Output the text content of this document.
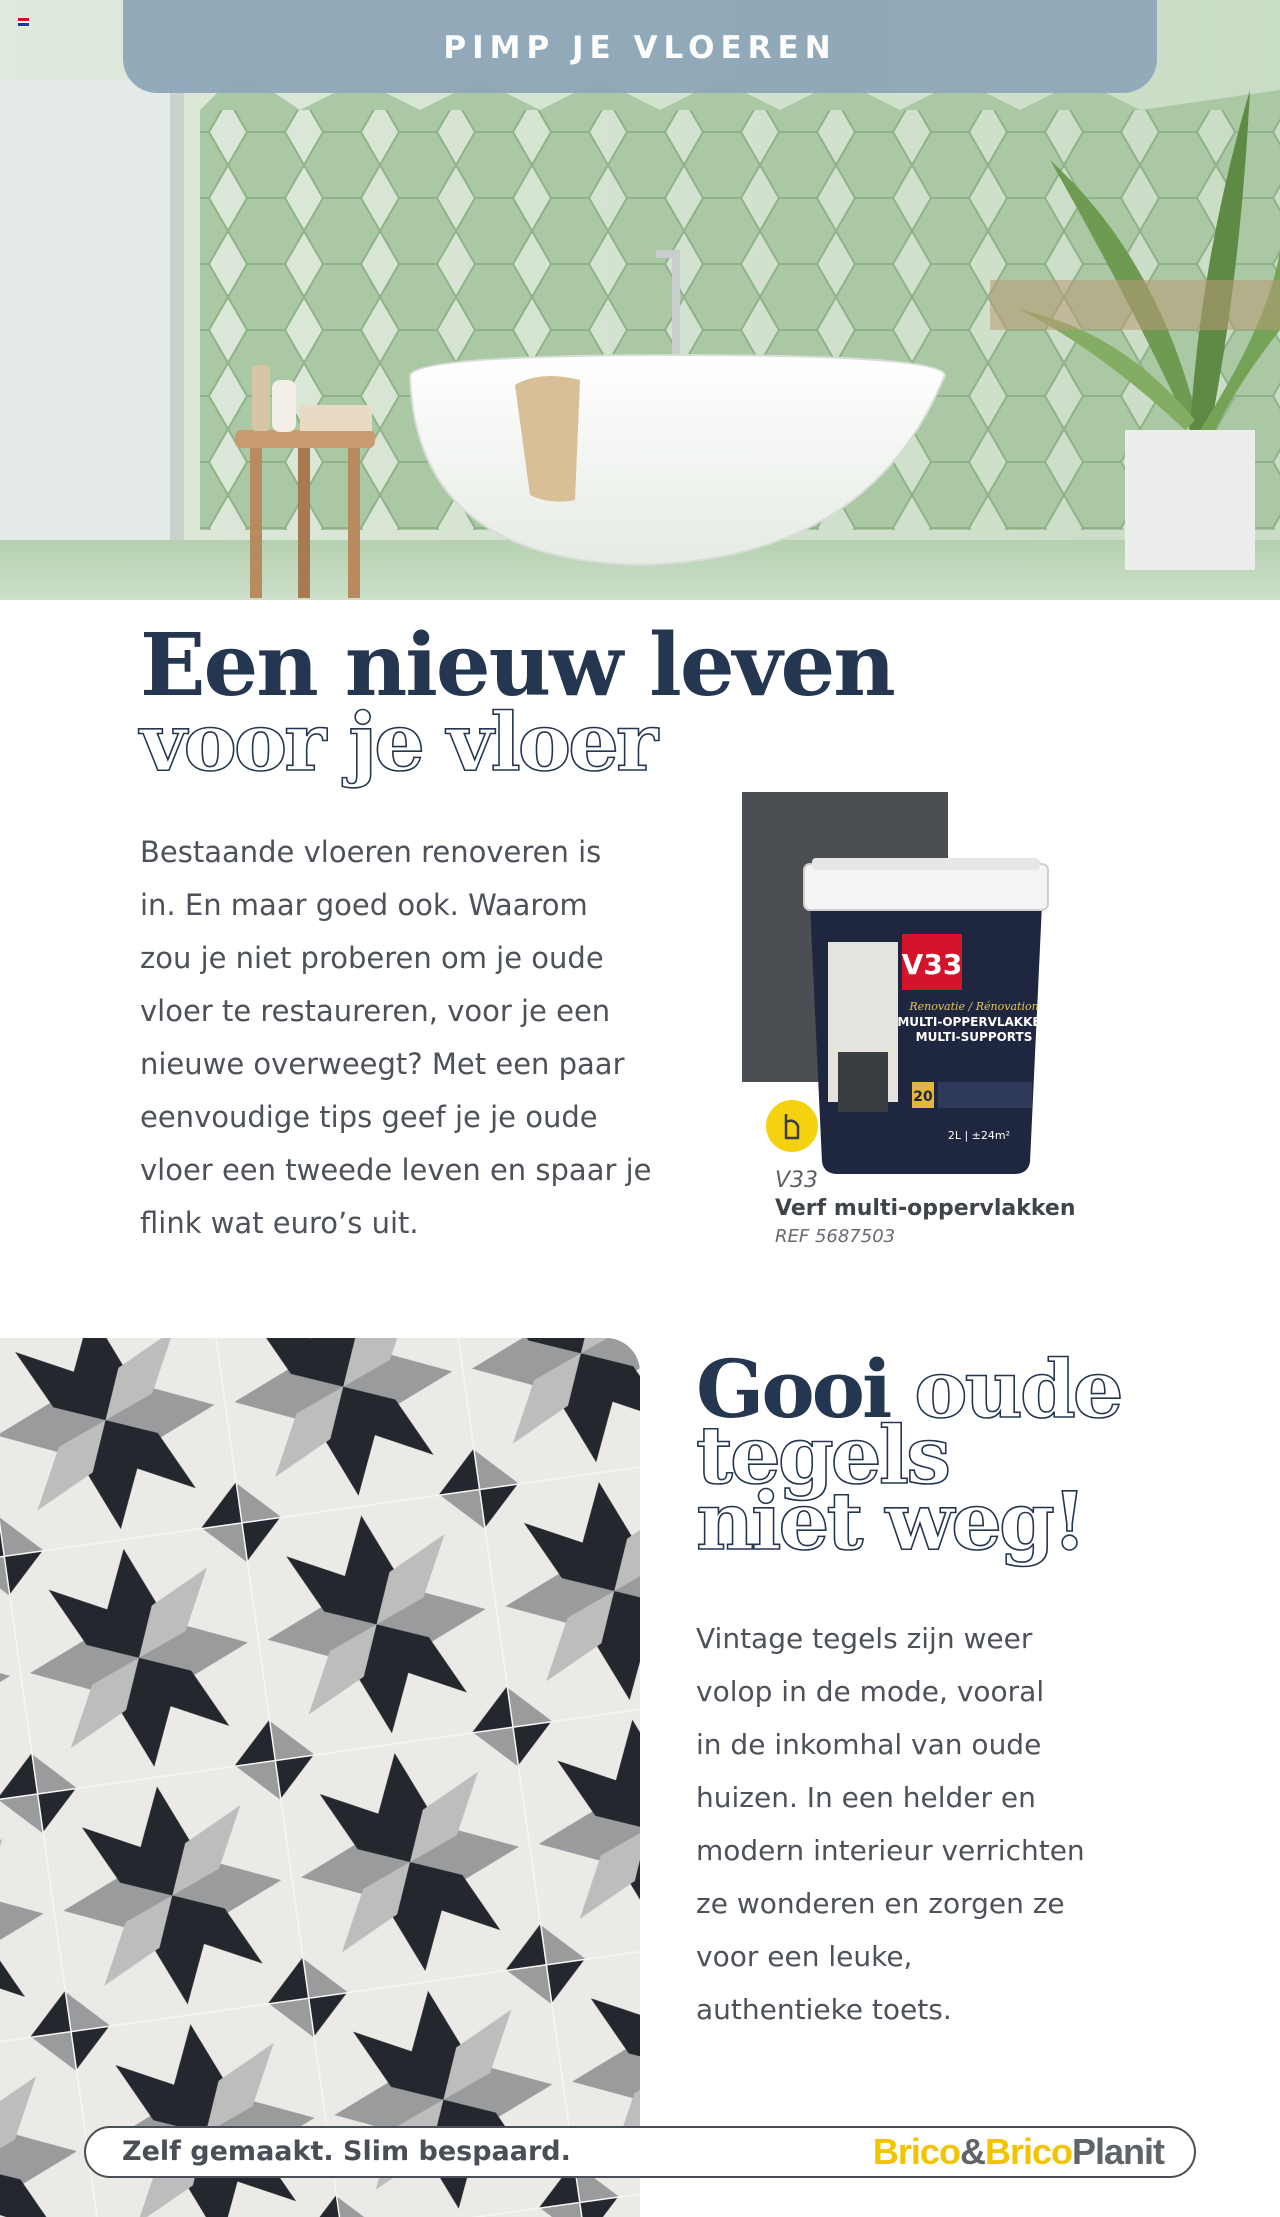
PIMP JE VLOEREN
Een nieuw leven
voor je vloer

Bestaande vloeren renoveren is
in. En maar goed ook. Waarom
zou je niet proberen om je oude
vloer te restaureren, voor je een
nieuwe overweegt? Met een paar
eenvoudige tips geef je je oude
vloer een tweede leven en spaar je
flink wat euro’s uit.

V33
Renovatie / Rénovation
MULTI-OPPERVLAKKEN
MULTI-SUPPORTS
20
2L | ±24m²
V33
Verf multi-oppervlakken
REF 5687503
Gooi oude
tegels
niet weg!

Vintage tegels zijn weer
volop in de mode, vooral
in de inkomhal van oude
huizen. In een helder en
modern interieur verrichten
ze wonderen en zorgen ze
voor een leuke,
authentieke toets.

Zelf gemaakt. Slim bespaard.	Brico&BricoPlanit
